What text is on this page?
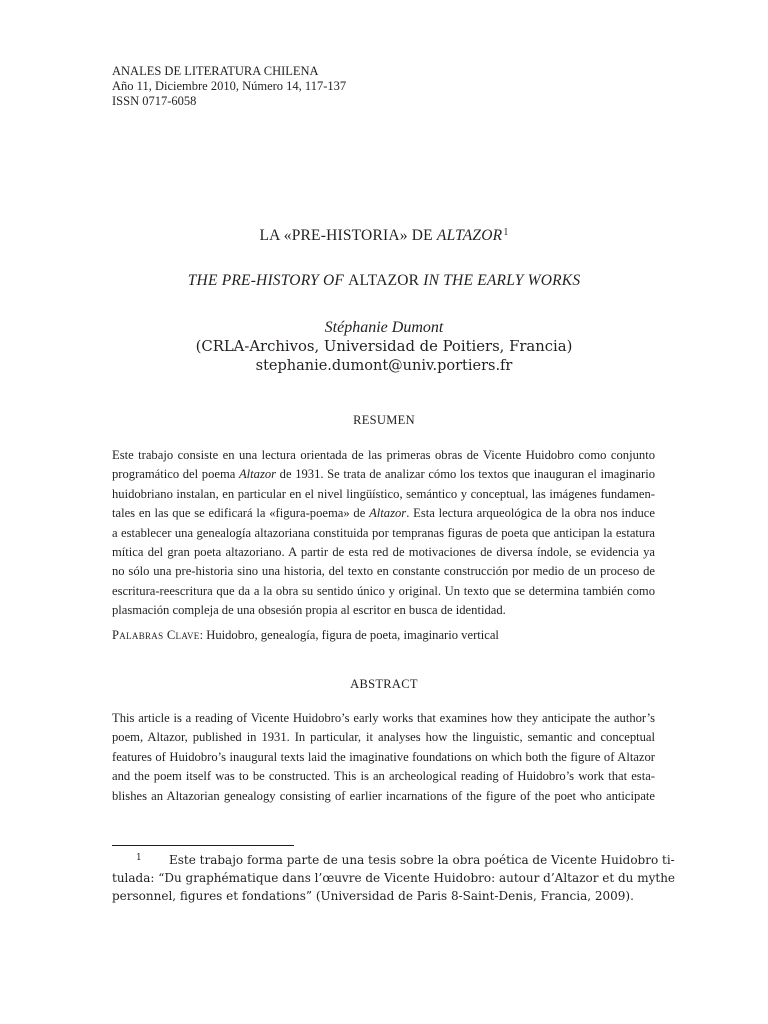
ANALES DE LITERATURA CHILENA
Año 11, Diciembre 2010, Número 14, 117-137
ISSN 0717-6058
LA «PRE-HISTORIA» DE ALTAZOR$^1$
THE PRE-HISTORY OF ALTAZOR IN THE EARLY WORKS
Stéphanie Dumont
(CRLA-Archivos, Universidad de Poitiers, Francia)
stephanie.dumont@univ.portiers.fr
RESUMEN
Este trabajo consiste en una lectura orientada de las primeras obras de Vicente Huidobro como conjunto
programático del poema Altazor de 1931. Se trata de analizar cómo los textos que inauguran el imaginario
huidobriano instalan, en particular en el nivel lingüístico, semántico y conceptual, las imágenes fundamen-
tales en las que se edificará la «figura-poema» de Altazor. Esta lectura arqueológica de la obra nos induce
a establecer una genealogía altazoriana constituida por tempranas figuras de poeta que anticipan la estatura
mítica del gran poeta altazoriano. A partir de esta red de motivaciones de diversa índole, se evidencia ya
no sólo una pre-historia sino una historia, del texto en constante construcción por medio de un proceso de
escritura-reescritura que da a la obra su sentido único y original. Un texto que se determina también como
plasmación compleja de una obsesión propia al escritor en busca de identidad.
Palabras Clave: Huidobro, genealogía, figura de poeta, imaginario vertical
ABSTRACT
This article is a reading of Vicente Huidobro’s early works that examines how they anticipate the author’s
poem, Altazor, published in 1931. In particular, it analyses how the linguistic, semantic and conceptual
features of Huidobro’s inaugural texts laid the imaginative foundations on which both the figure of Altazor
and the poem itself was to be constructed. This is an archeological reading of Huidobro’s work that esta-
blishes an Altazorian genealogy consisting of earlier incarnations of the figure of the poet who anticipate
1 Este trabajo forma parte de una tesis sobre la obra poética de Vicente Huidobro ti-
tulada: “Du graphématique dans l’œuvre de Vicente Huidobro: autour d’Altazor et du mythe
personnel, figures et fondations” (Universidad de Paris 8-Saint-Denis, Francia, 2009).
